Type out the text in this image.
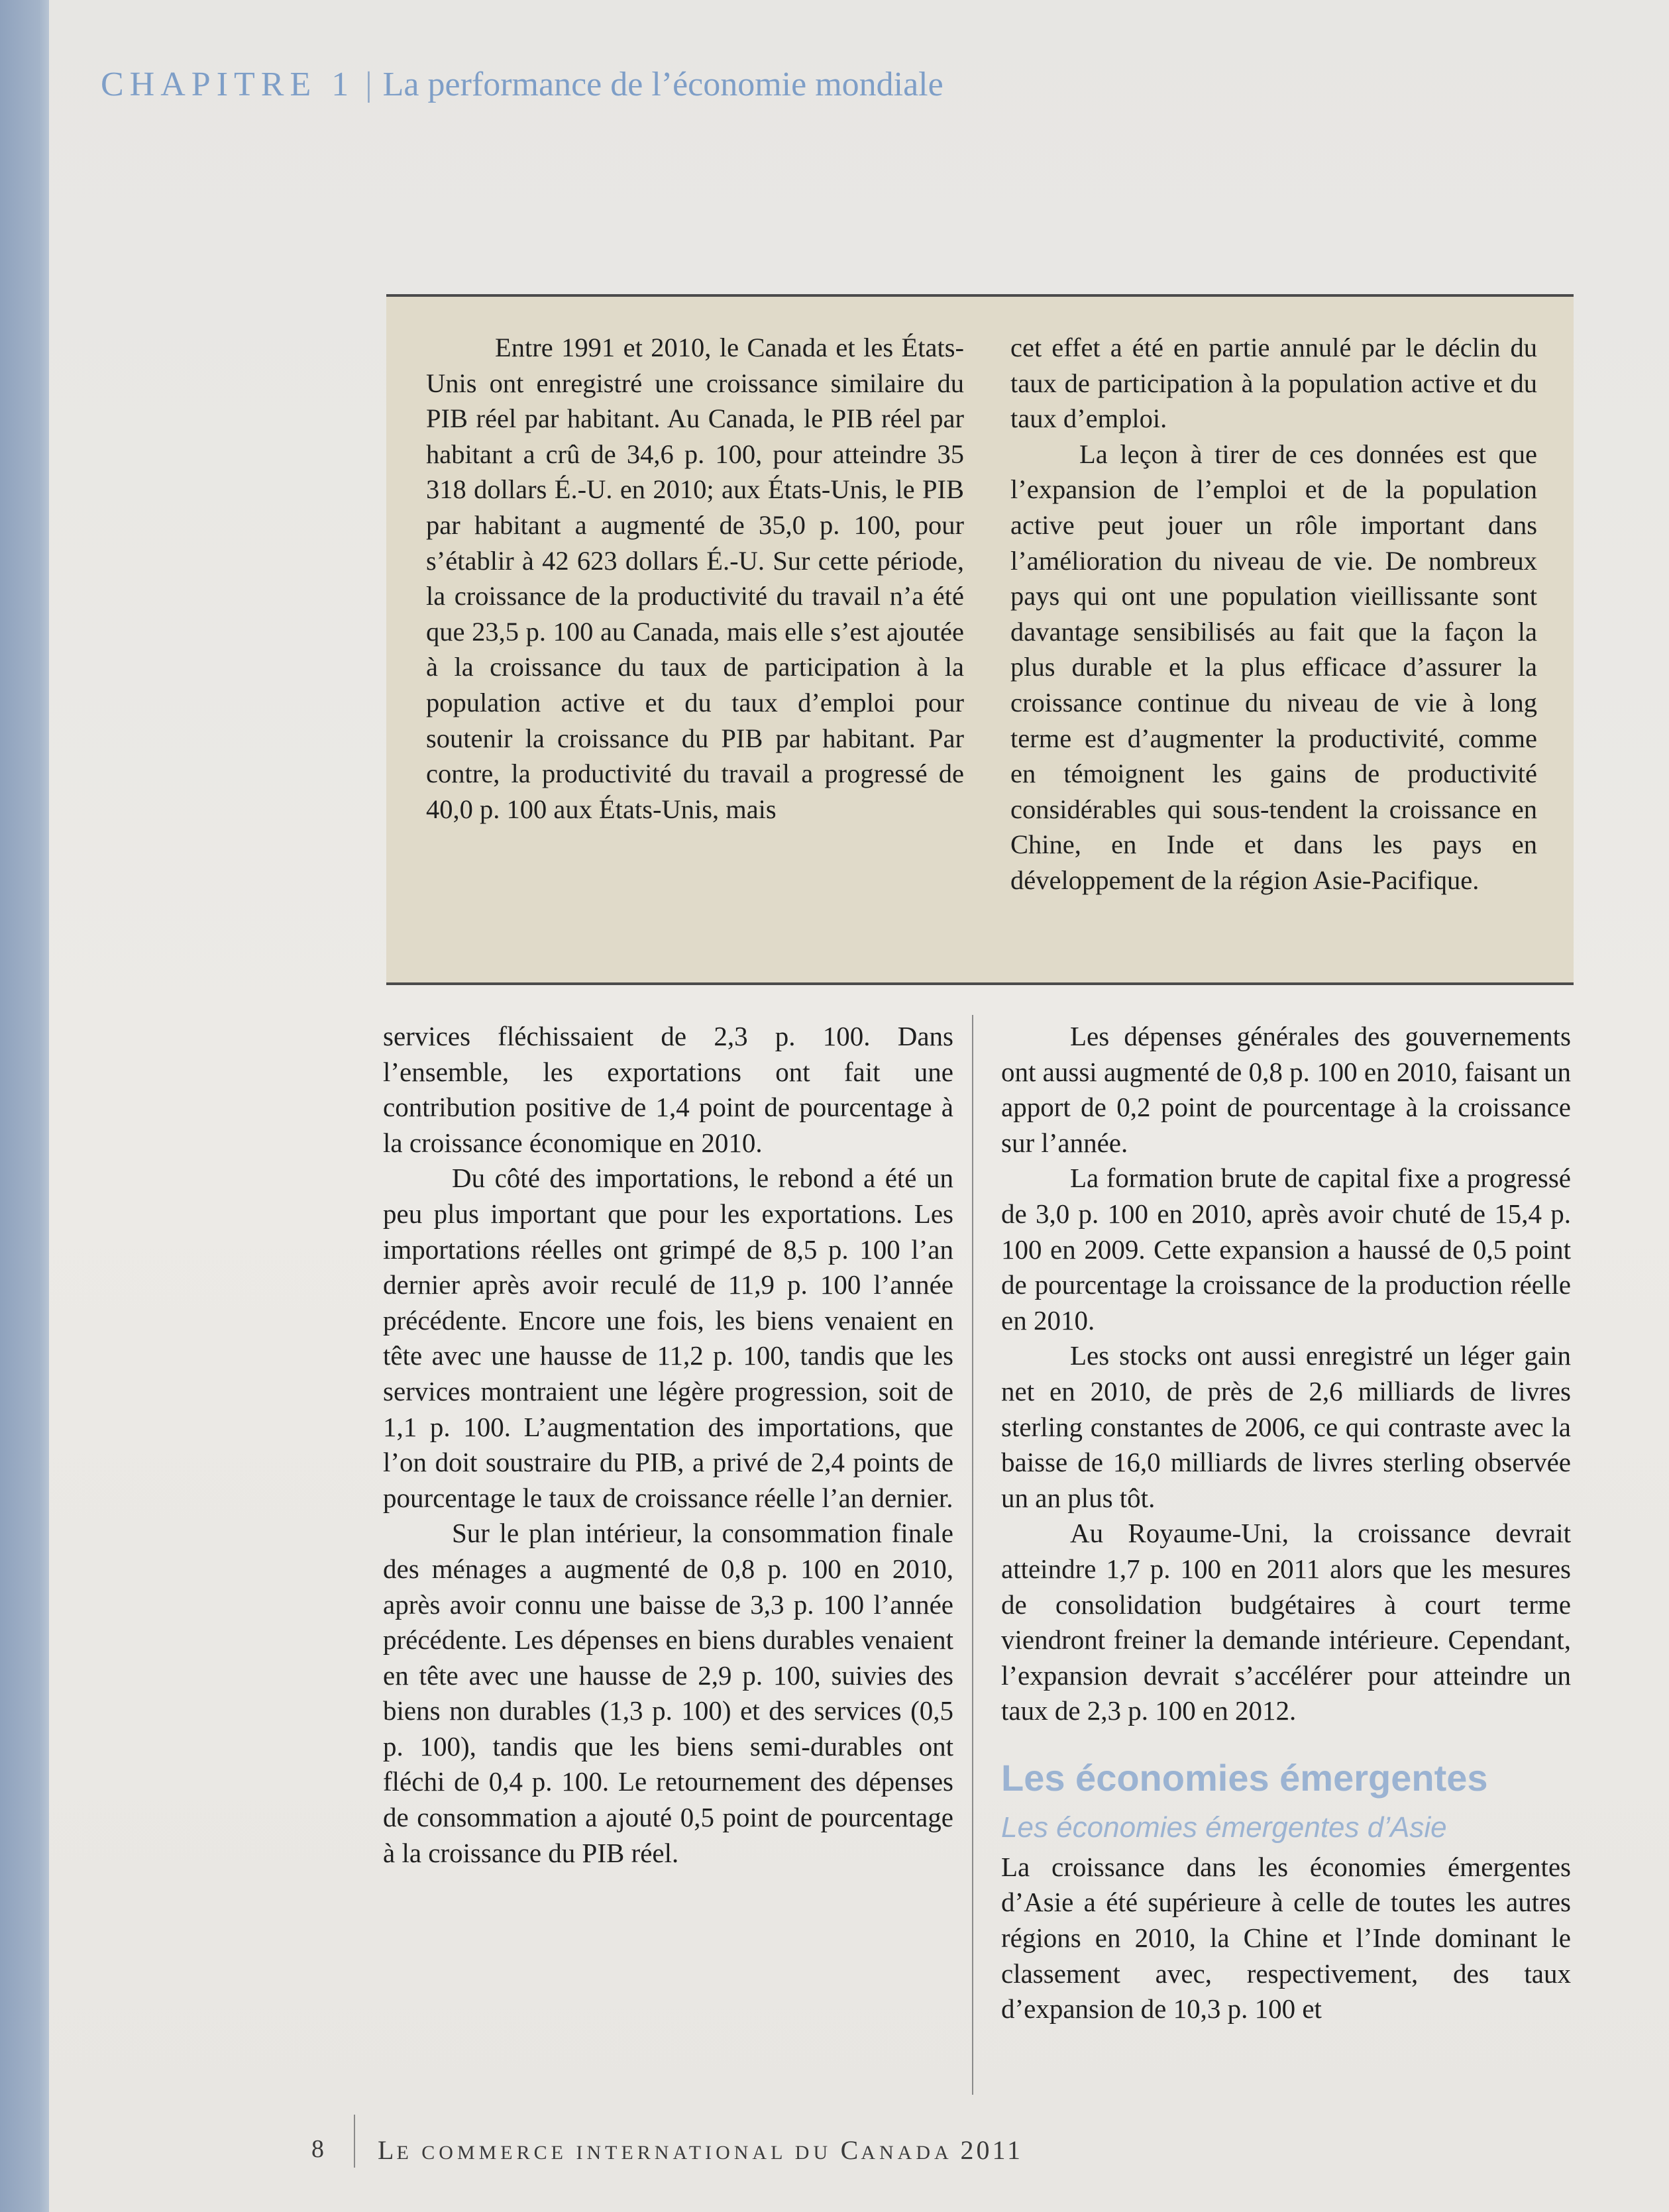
CHAPITRE 1 | La performance de l’économie mondiale

Entre 1991 et 2010, le Canada et les États-Unis ont enregistré une croissance similaire du PIB réel par habitant. Au Canada, le PIB réel par habitant a crû de 34,6 p. 100, pour atteindre 35 318 dollars É.-U. en 2010; aux États-Unis, le PIB par habitant a augmenté de 35,0 p. 100, pour s’établir à 42 623 dollars É.-U. Sur cette période, la croissance de la productivité du travail n’a été que 23,5 p. 100 au Canada, mais elle s’est ajoutée à la croissance du taux de participation à la population active et du taux d’emploi pour soutenir la croissance du PIB par habitant. Par contre, la productivité du travail a progressé de 40,0 p. 100 aux États-Unis, mais

cet effet a été en partie annulé par le déclin du taux de participation à la population active et du taux d’emploi.

La leçon à tirer de ces données est que l’expansion de l’emploi et de la population active peut jouer un rôle important dans l’amélioration du niveau de vie. De nombreux pays qui ont une population vieillissante sont davantage sensibilisés au fait que la façon la plus durable et la plus efficace d’assurer la croissance continue du niveau de vie à long terme est d’augmenter la productivité, comme en témoignent les gains de productivité considérables qui sous-tendent la croissance en Chine, en Inde et dans les pays en développement de la région Asie-Pacifique.

services fléchissaient de 2,3 p. 100. Dans l’ensemble, les exportations ont fait une contribution positive de 1,4 point de pourcentage à la croissance économique en 2010.

Du côté des importations, le rebond a été un peu plus important que pour les exportations. Les importations réelles ont grimpé de 8,5 p. 100 l’an dernier après avoir reculé de 11,9 p. 100 l’année précédente. Encore une fois, les biens venaient en tête avec une hausse de 11,2 p. 100, tandis que les services montraient une légère progression, soit de 1,1 p. 100. L’augmentation des importations, que l’on doit soustraire du PIB, a privé de 2,4 points de pourcentage le taux de croissance réelle l’an dernier.

Sur le plan intérieur, la consommation finale des ménages a augmenté de 0,8 p. 100 en 2010, après avoir connu une baisse de 3,3 p. 100 l’année précédente. Les dépenses en biens durables venaient en tête avec une hausse de 2,9 p. 100, suivies des biens non durables (1,3 p. 100) et des services (0,5 p. 100), tandis que les biens semi-durables ont fléchi de 0,4 p. 100. Le retournement des dépenses de consommation a ajouté 0,5 point de pourcentage à la croissance du PIB réel.

Les dépenses générales des gouvernements ont aussi augmenté de 0,8 p. 100 en 2010, faisant un apport de 0,2 point de pourcentage à la croissance sur l’année.

La formation brute de capital fixe a progressé de 3,0 p. 100 en 2010, après avoir chuté de 15,4 p. 100 en 2009. Cette expansion a haussé de 0,5 point de pourcentage la croissance de la production réelle en 2010.

Les stocks ont aussi enregistré un léger gain net en 2010, de près de 2,6 milliards de livres sterling constantes de 2006, ce qui contraste avec la baisse de 16,0 milliards de livres sterling observée un an plus tôt.

Au Royaume-Uni, la croissance devrait atteindre 1,7 p. 100 en 2011 alors que les mesures de consolidation budgétaires à court terme viendront freiner la demande intérieure. Cependant, l’expansion devrait s’accélérer pour atteindre un taux de 2,3 p. 100 en 2012.

Les économies émergentes
Les économies émergentes d’Asie

La croissance dans les économies émergentes d’Asie a été supérieure à celle de toutes les autres régions en 2010, la Chine et l’Inde dominant le classement avec, respectivement, des taux d’expansion de 10,3 p. 100 et

8 LE COMMERCE INTERNATIONAL DU CANADA 2011
